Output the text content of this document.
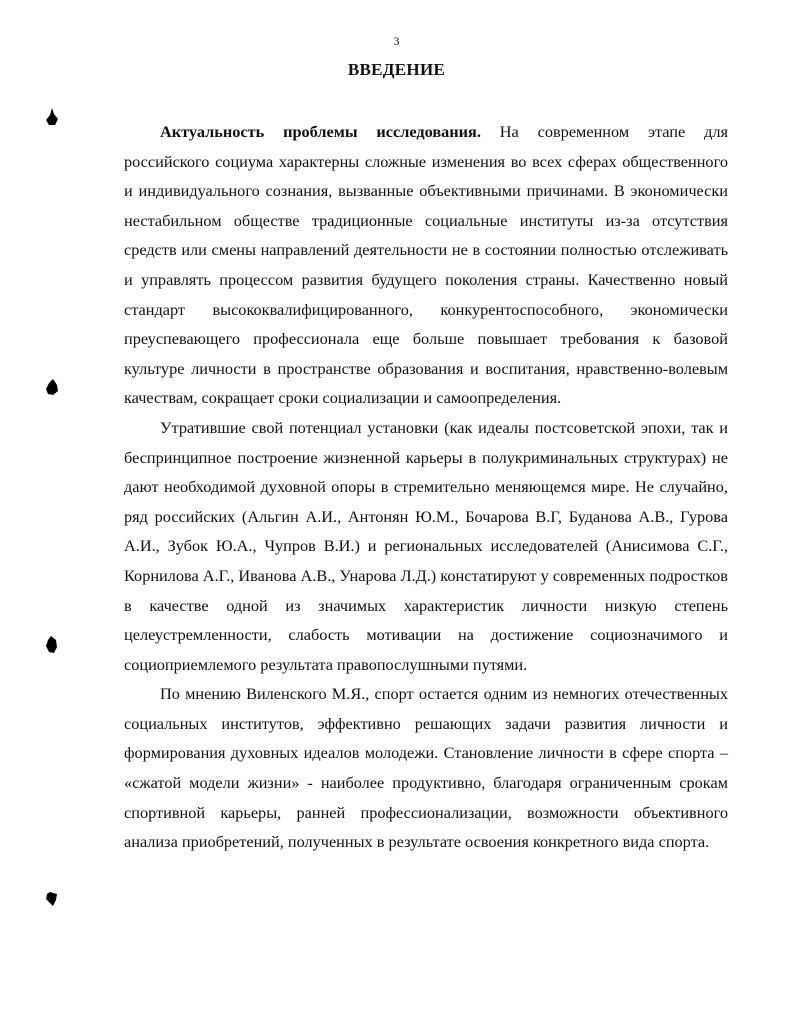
3
ВВЕДЕНИЕ

Актуальность проблемы исследования. На современном этапе для российского социума характерны сложные изменения во всех сферах общественного и индивидуального сознания, вызванные объективными причинами. В экономически нестабильном обществе традиционные социальные институты из-за отсутствия средств или смены направлений деятельности не в состоянии полностью отслеживать и управлять процессом развития будущего поколения страны. Качественно новый стандарт высококвалифицированного, конкурентоспособного, экономически преуспевающего профессионала еще больше повышает требования к базовой культуре личности в пространстве образования и воспитания, нравственно-волевым качествам, сокращает сроки социализации и самоопределения.

Утратившие свой потенциал установки (как идеалы постсоветской эпохи, так и беспринципное построение жизненной карьеры в полукриминальных структурах) не дают необходимой духовной опоры в стремительно меняющемся мире. Не случайно, ряд российских (Альгин А.И., Антонян Ю.М., Бочарова В.Г, Буданова А.В., Гурова А.И., Зубок Ю.А., Чупров В.И.) и региональных исследователей (Анисимова С.Г., Корнилова А.Г., Иванова А.В., Унарова Л.Д.) констатируют у современных подростков в качестве одной из значимых характеристик личности низкую степень целеустремленности, слабость мотивации на достижение социозначимого и социоприемлемого результата правопослушными путями.

По мнению Виленского М.Я., спорт остается одним из немногих отечественных социальных институтов, эффективно решающих задачи развития личности и формирования духовных идеалов молодежи. Становление личности в сфере спорта – «сжатой модели жизни» - наиболее продуктивно, благодаря ограниченным срокам спортивной карьеры, ранней профессионализации, возможности объективного анализа приобретений, полученных в результате освоения конкретного вида спорта.
